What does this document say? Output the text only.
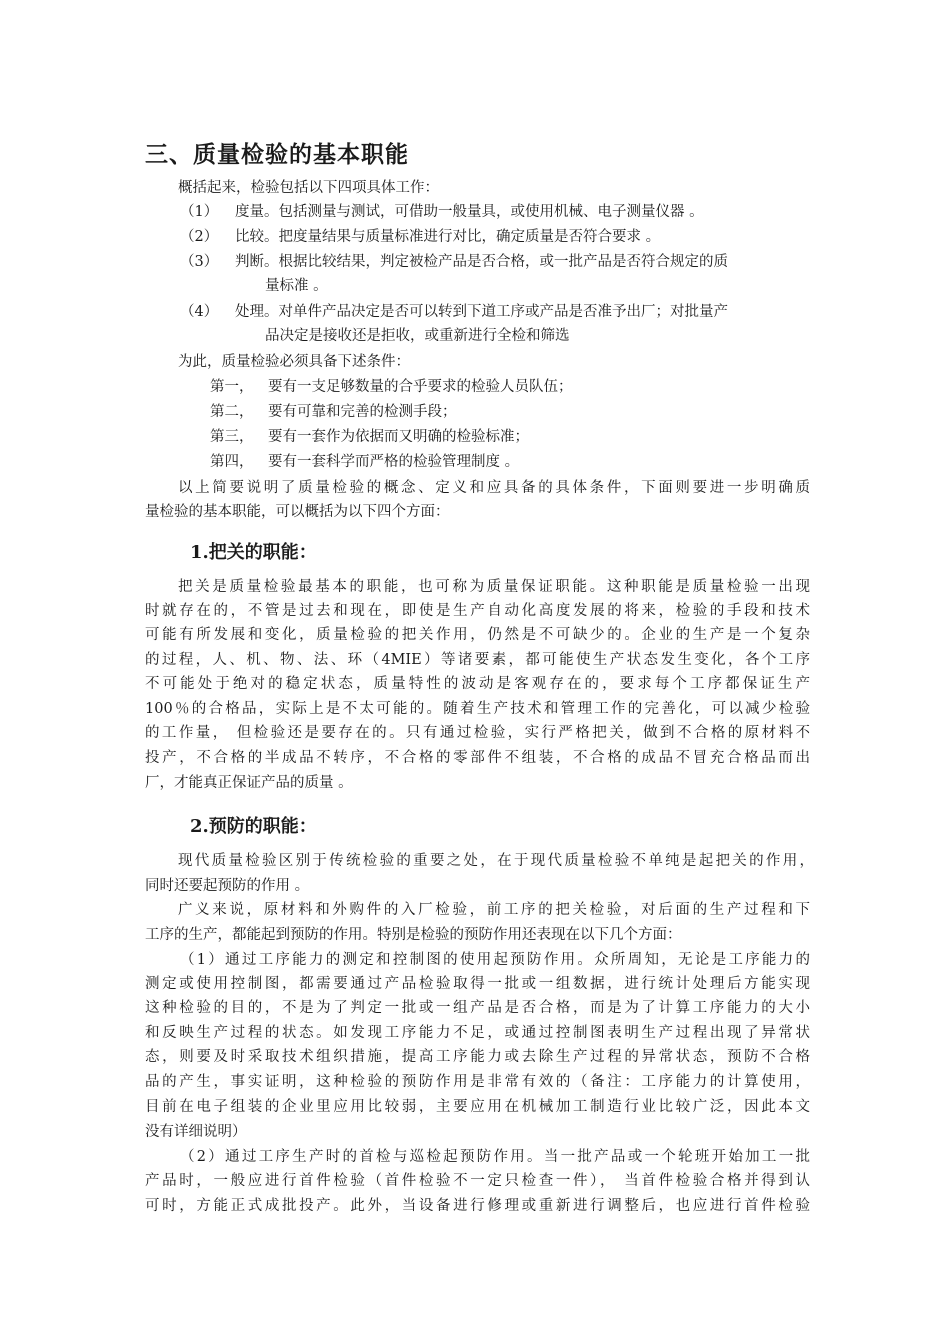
三、质量检验的基本职能
概括起来，检验包括以下四项具体工作：
（1） 度量。包括测量与测试，可借助一般量具，或使用机械、电子测量仪器 。
（2） 比较。把度量结果与质量标准进行对比，确定质量是否符合要求 。
（3） 判断。根据比较结果，判定被检产品是否合格，或一批产品是否符合规定的质
量标准 。
（4） 处理。对单件产品决定是否可以转到下道工序或产品是否准予出厂；对批量产
品决定是接收还是拒收，或重新进行全检和筛选
为此，质量检验必须具备下述条件：
第一， 要有一支足够数量的合乎要求的检验人员队伍；
第二， 要有可靠和完善的检测手段；
第三， 要有一套作为依据而又明确的检验标准；
第四， 要有一套科学而严格的检验管理制度 。
以上简要说明了质量检验的概念、定义和应具备的具体条件，下面则要进一步明确质
量检验的基本职能，可以概括为以下四个方面：
1.把关的职能：
把关是质量检验最基本的职能，也可称为质量保证职能。这种职能是质量检验一出现
时就存在的，不管是过去和现在，即使是生产自动化高度发展的将来，检验的手段和技术
可能有所发展和变化，质量检验的把关作用，仍然是不可缺少的。企业的生产是一个复杂
的过程，人、机、物、法、环（4MIE）等诸要素，都可能使生产状态发生变化，各个工序
不可能处于绝对的稳定状态，质量特性的波动是客观存在的，要求每个工序都保证生产
100％的合格品，实际上是不太可能的。随着生产技术和管理工作的完善化，可以减少检验
的工作量， 但检验还是要存在的。只有通过检验，实行严格把关，做到不合格的原材料不
投产，不合格的半成品不转序，不合格的零部件不组装，不合格的成品不冒充合格品而出
厂，才能真正保证产品的质量 。
2.预防的职能：
现代质量检验区别于传统检验的重要之处，在于现代质量检验不单纯是起把关的作用，
同时还要起预防的作用 。
广义来说，原材料和外购件的入厂检验，前工序的把关检验，对后面的生产过程和下
工序的生产，都能起到预防的作用。特别是检验的预防作用还表现在以下几个方面：
（1）通过工序能力的测定和控制图的使用起预防作用。众所周知，无论是工序能力的
测定或使用控制图，都需要通过产品检验取得一批或一组数据，进行统计处理后方能实现
这种检验的目的，不是为了判定一批或一组产品是否合格，而是为了计算工序能力的大小
和反映生产过程的状态。如发现工序能力不足，或通过控制图表明生产过程出现了异常状
态，则要及时采取技术组织措施，提高工序能力或去除生产过程的异常状态，预防不合格
品的产生，事实证明，这种检验的预防作用是非常有效的（备注：工序能力的计算使用，
目前在电子组装的企业里应用比较弱，主要应用在机械加工制造行业比较广泛，因此本文
没有详细说明）
（2）通过工序生产时的首检与巡检起预防作用。当一批产品或一个轮班开始加工一批
产品时，一般应进行首件检验（首件检验不一定只检查一件）， 当首件检验合格并得到认
可时，方能正式成批投产。此外，当设备进行修理或重新进行调整后，也应进行首件检验
